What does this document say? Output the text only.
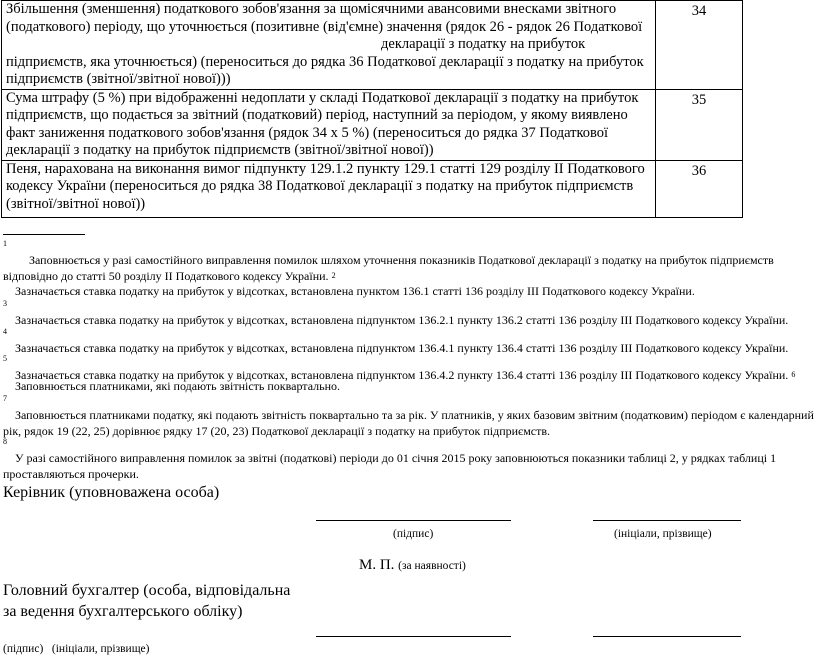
Збільшення (зменшення) податкового зобов'язання за щомісячними авансовими внесками звітного (податкового) періоду, що уточнюється (позитивне (від'ємне) значення (рядок 26 - рядок 26 Податкової
декларації з податку на прибуток
підприємств, яка уточнюється) (переноситься до рядка 36 Податкової декларації з податку на прибуток підприємств (звітної/звітної нової)))	34
Сума штрафу (5 %) при відображенні недоплати у складі Податкової декларації з податку на прибуток підприємств, що подається за звітний (податковий) період, наступний за періодом, у якому виявлено факт заниження податкового зобов'язання (рядок 34 х 5 %) (переноситься до рядка 37 Податкової декларації з податку на прибуток підприємств (звітної/звітної нової))	35
Пеня, нарахована на виконання вимог підпункту 129.1.2 пункту 129.1 статті 129 розділу II Податкового кодексу України (переноситься до рядка 38 Податкової декларації з податку на прибуток підприємств (звітної/звітної нової))	36
$^1$
Заповнюється у разі самостійного виправлення помилок шляхом уточнення показників Податкової декларації з податку на прибуток підприємств відповідно до статті 50 розділу II Податкового кодексу України. $^2$
Зазначається ставка податку на прибуток у відсотках, встановлена пунктом 136.1 статті 136 розділу III Податкового кодексу України.
$^3$
Зазначається ставка податку на прибуток у відсотках, встановлена підпунктом 136.2.1 пункту 136.2 статті 136 розділу III Податкового кодексу України.
$^4$
Зазначається ставка податку на прибуток у відсотках, встановлена підпунктом 136.4.1 пункту 136.4 статті 136 розділу III Податкового кодексу України.
$^5$
Зазначається ставка податку на прибуток у відсотках, встановлена підпунктом 136.4.2 пункту 136.4 статті 136 розділу III Податкового кодексу України. $^6$
Заповнюється платниками, які подають звітність поквартально.
$^7$
Заповнюється платниками податку, які подають звітність поквартально та за рік. У платників, у яких базовим звітним (податковим) періодом є календарний рік, рядок 19 (22, 25) дорівнює рядку 17 (20, 23) Податкової декларації з податку на прибуток підприємств.
$^8$
У разі самостійного виправлення помилок за звітні (податкові) періоди до 01 січня 2015 року заповнюються показники таблиці 2, у рядках таблиці 1 проставляються прочерки.
Керівник (уповноважена особа)
(підпис)	(ініціали, прізвище)
М. П. (за наявності)
Головний бухгалтер (особа, відповідальна
за ведення бухгалтерського обліку)
(підпис)   (ініціали, прізвище)
